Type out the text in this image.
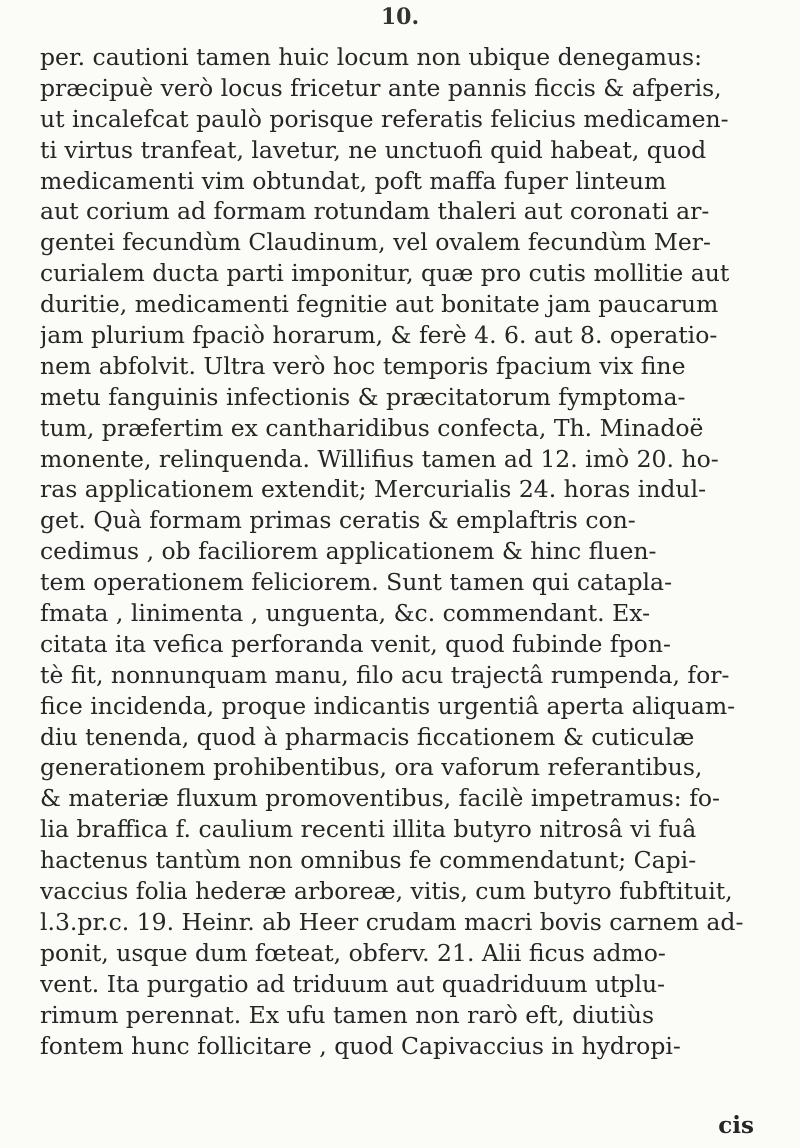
10.
per. cautioni tamen huic locum non ubique denegamus:
præcipuè verò locus fricetur ante pannis ficcis & afperis,
ut incalefcat paulò porisque referatis felicius medicamen-
ti virtus tranfeat, lavetur, ne unctuofi quid habeat, quod
medicamenti vim obtundat, poft maffa fuper linteum
aut corium ad formam rotundam thaleri aut coronati ar-
gentei fecundùm Claudinum, vel ovalem fecundùm Mer-
curialem ducta parti imponitur, quæ pro cutis mollitie aut
duritie, medicamenti fegnitie aut bonitate jam paucarum
jam plurium fpaciò horarum, & ferè 4. 6. aut 8. operatio-
nem abfolvit. Ultra verò hoc temporis fpacium vix fine
metu fanguinis infectionis & præcitatorum fymptoma-
tum, præfertim ex cantharidibus confecta, Th. Minadoë
monente, relinquenda. Willifius tamen ad 12. imò 20. ho-
ras applicationem extendit; Mercurialis 24. horas indul-
get. Quà formam primas ceratis & emplaftris con-
cedimus , ob faciliorem applicationem & hinc fluen-
tem operationem feliciorem. Sunt tamen qui catapla-
fmata , linimenta , unguenta, &c. commendant. Ex-
citata ita vefica perforanda venit, quod fubinde fpon-
tè fit, nonnunquam manu, filo acu trajectâ rumpenda, for-
fice incidenda, proque indicantis urgentiâ aperta aliquam-
diu tenenda, quod à pharmacis ficcationem & cuticulæ
generationem prohibentibus, ora vaforum referantibus,
& materiæ fluxum promoventibus, facilè impetramus: fo-
lia braffica f. caulium recenti illita butyro nitrosâ vi fuâ
hactenus tantùm non omnibus fe commendatunt; Capi-
vaccius folia hederæ arboreæ, vitis, cum butyro fubftituit,
l.3.pr.c. 19. Heinr. ab Heer crudam macri bovis carnem ad-
ponit, usque dum fœteat, obferv. 21. Alii ficus admo-
vent. Ita purgatio ad triduum aut quadriduum utplu-
rimum perennat. Ex ufu tamen non rarò eft, diutiùs
fontem hunc follicitare , quod Capivaccius in hydropi-
cis
